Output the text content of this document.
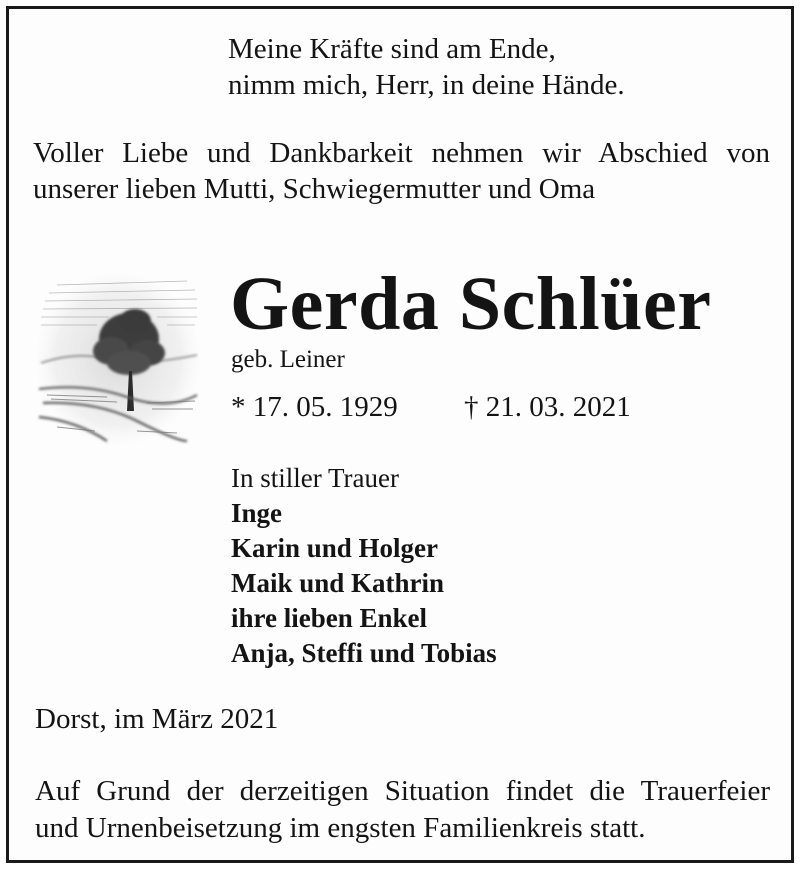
Meine Kräfte sind am Ende,
nimm mich, Herr, in deine Hände.
Voller Liebe und Dankbarkeit nehmen wir Abschied von
unserer lieben Mutti, Schwiegermutter und Oma
Gerda Schlüer
geb. Leiner
* 17. 05. 1929 † 21. 03. 2021
In stiller Trauer
Inge
Karin und Holger
Maik und Kathrin
ihre lieben Enkel
Anja, Steffi und Tobias
Dorst, im März 2021
Auf Grund der derzeitigen Situation findet die Trauerfeier
und Urnenbeisetzung im engsten Familienkreis statt.
